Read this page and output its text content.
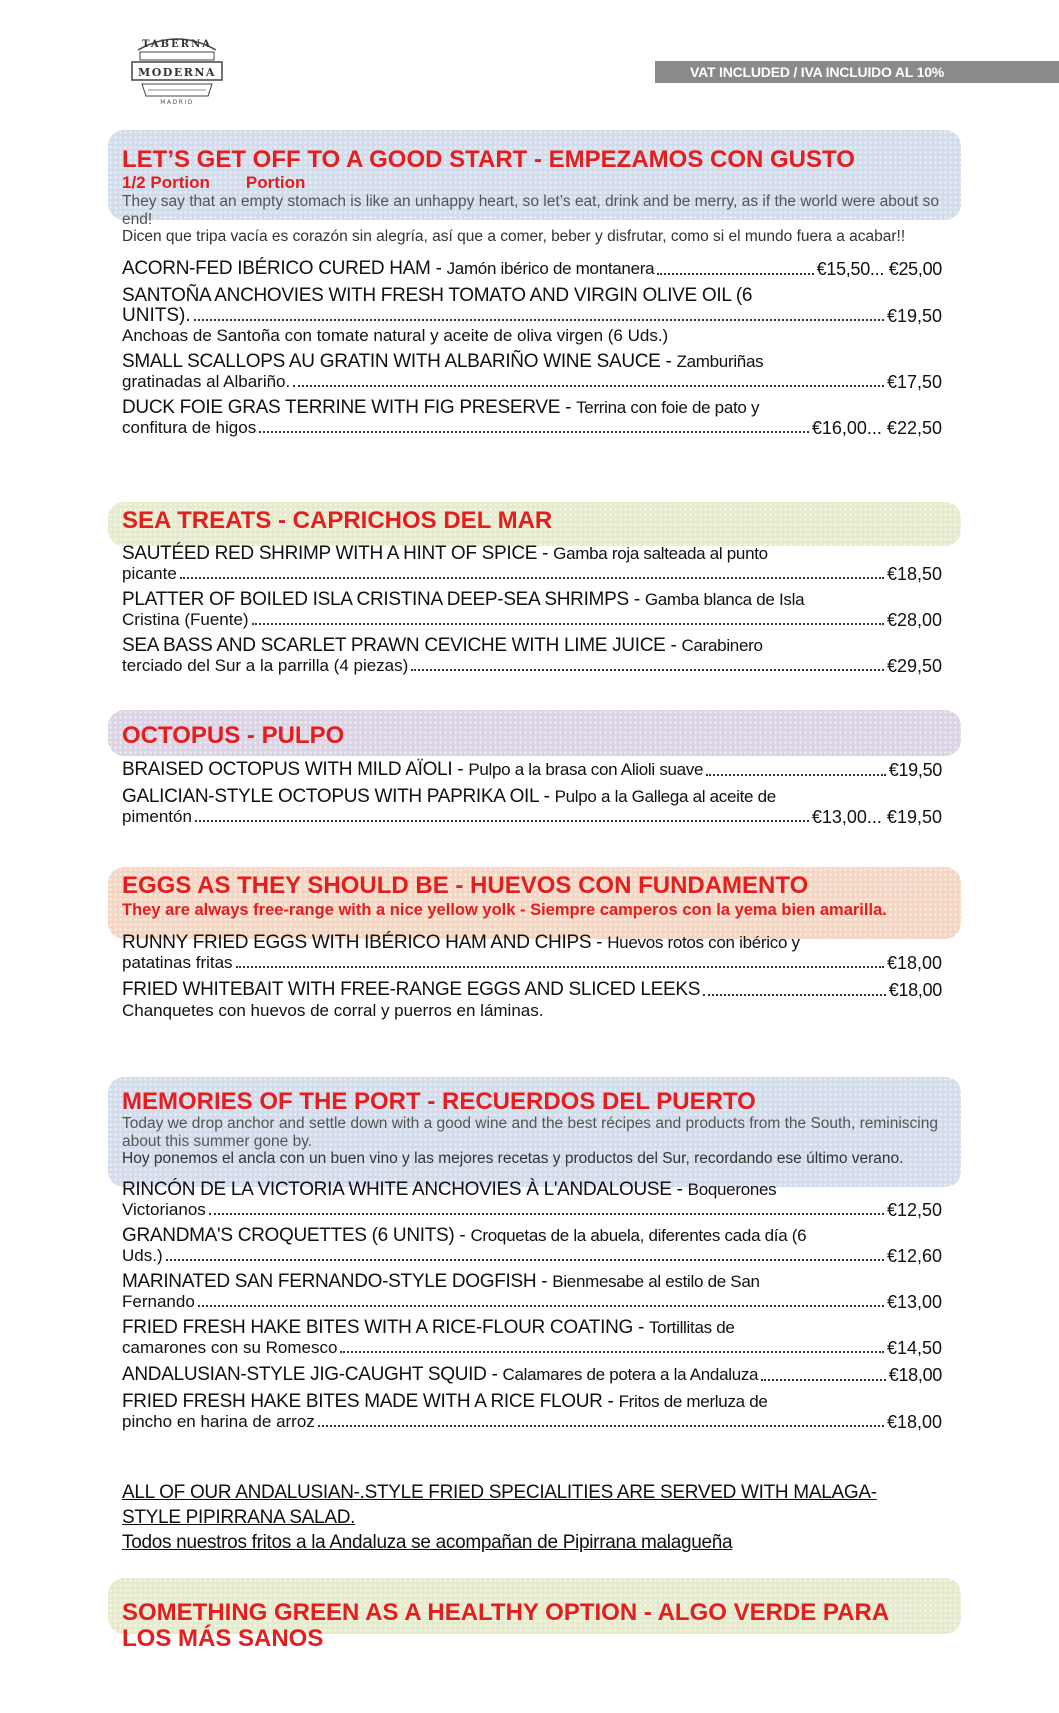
TABERNA
MODERNA
MADRID
VAT INCLUDED / IVA INCLUIDO AL 10%
LET’S GET OFF TO A GOOD START - EMPEZAMOS CON GUSTO
1/2 Portion Portion
They say that an empty stomach is like an unhappy heart, so let’s eat, drink and be merry, as if the world were about so end!
Dicen que tripa vacía es corazón sin alegría, así que a comer, beber y disfrutar, como si el mundo fuera a acabar!!
ACORN-FED IBÉRICO CURED HAM - Jamón ibérico de montanera	€15,50... €25,00
SANTOÑA ANCHOVIES WITH FRESH TOMATO AND VIRGIN OLIVE OIL (6
UNITS).	€19,50
Anchoas de Santoña con tomate natural y aceite de oliva virgen (6 Uds.)
SMALL SCALLOPS AU GRATIN WITH ALBARIÑO WINE SAUCE - Zamburiñas
gratinadas al Albariño.	€17,50
DUCK FOIE GRAS TERRINE WITH FIG PRESERVE - Terrina con foie de pato y
confitura de higos	€16,00... €22,50
SEA TREATS - CAPRICHOS DEL MAR
SAUTÉED RED SHRIMP WITH A HINT OF SPICE - Gamba roja salteada al punto
picante	€18,50
PLATTER OF BOILED ISLA CRISTINA DEEP-SEA SHRIMPS - Gamba blanca de Isla
Cristina (Fuente)	€28,00
SEA BASS AND SCARLET PRAWN CEVICHE WITH LIME JUICE - Carabinero
terciado del Sur a la parrilla (4 piezas)	€29,50
OCTOPUS - PULPO
BRAISED OCTOPUS WITH MILD AÏOLI - Pulpo a la brasa con Alioli suave	€19,50
GALICIAN-STYLE OCTOPUS WITH PAPRIKA OIL - Pulpo a la Gallega al aceite de
pimentón	€13,00... €19,50
EGGS AS THEY SHOULD BE - HUEVOS CON FUNDAMENTO
They are always free-range with a nice yellow yolk - Siempre camperos con la yema bien amarilla.
RUNNY FRIED EGGS WITH IBÉRICO HAM AND CHIPS - Huevos rotos con ibérico y
patatinas fritas	€18,00
FRIED WHITEBAIT WITH FREE-RANGE EGGS AND SLICED LEEKS	€18,00
Chanquetes con huevos de corral y puerros en láminas.
MEMORIES OF THE PORT - RECUERDOS DEL PUERTO
Today we drop anchor and settle down with a good wine and the best récipes and products from the South, reminiscing about this summer gone by.
Hoy ponemos el ancla con un buen vino y las mejores recetas y productos del Sur, recordando ese último verano.
RINCÓN DE LA VICTORIA WHITE ANCHOVIES À L'ANDALOUSE - Boquerones
Victorianos	€12,50
GRANDMA'S CROQUETTES (6 UNITS) - Croquetas de la abuela, diferentes cada día (6
Uds.)	€12,60
MARINATED SAN FERNANDO-STYLE DOGFISH - Bienmesabe al estilo de San
Fernando	€13,00
FRIED FRESH HAKE BITES WITH A RICE-FLOUR COATING - Tortillitas de
camarones con su Romesco	€14,50
ANDALUSIAN-STYLE JIG-CAUGHT SQUID - Calamares de potera a la Andaluza	€18,00
FRIED FRESH HAKE BITES MADE WITH A RICE FLOUR - Fritos de merluza de
pincho en harina de arroz	€18,00
ALL OF OUR ANDALUSIAN-.STYLE FRIED SPECIALITIES ARE SERVED WITH MALAGA-STYLE PIPIRRANA SALAD.
Todos nuestros fritos a la Andaluza se acompañan de Pipirrana malagueña
SOMETHING GREEN AS A HEALTHY OPTION - ALGO VERDE PARA
LOS MÁS SANOS
